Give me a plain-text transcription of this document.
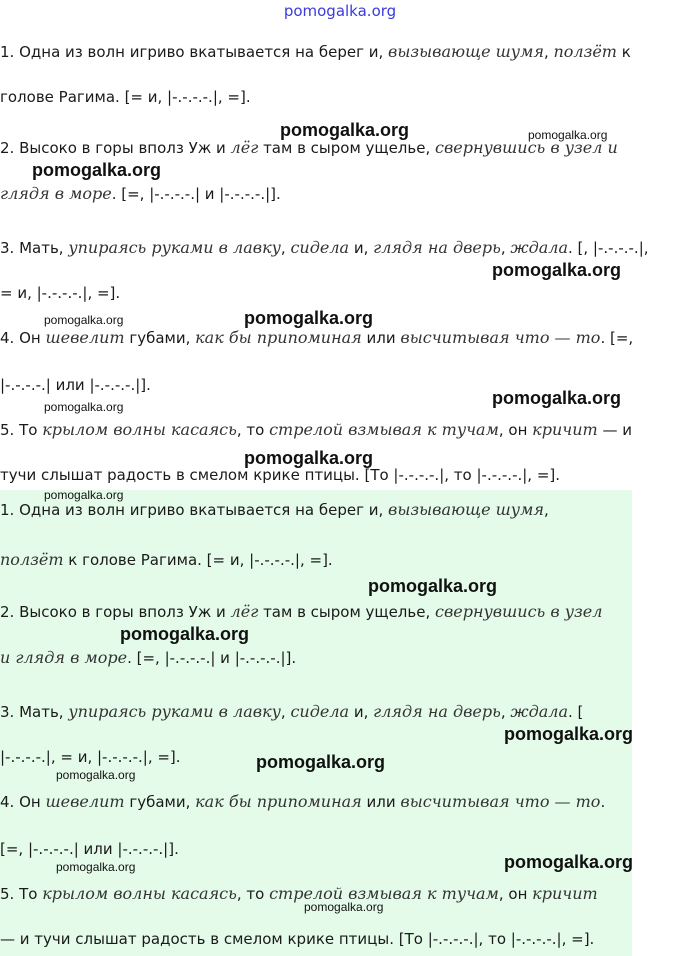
pomogalka.org
1. Одна из волн игриво вкатывается на берег и, вызывающе шумя, ползёт к
голове Рагима. [= и, |-.-.-.-.|, =].
2. Высоко в горы вполз Уж и лёг там в сыром ущелье, свернувшись в узел и
глядя в море. [=, |-.-.-.-.| и |-.-.-.-.|].
3. Мать, упираясь руками в лавку, сидела и, глядя на дверь, ждала. [, |-.-.-.-.|,
= и, |-.-.-.-.|, =].
4. Он шевелит губами, как бы припоминая или высчитывая что — то. [=,
|-.-.-.-.| или |-.-.-.-.|].
5. То крылом волны касаясь, то стрелой взмывая к тучам, он кричит — и
тучи слышат радость в смелом крике птицы. [То |-.-.-.-.|, то |-.-.-.-.|, =].
1. Одна из волн игриво вкатывается на берег и, вызывающе шумя,
ползёт к голове Рагима. [= и, |-.-.-.-.|, =].
2. Высоко в горы вполз Уж и лёг там в сыром ущелье, свернувшись в узел
и глядя в море. [=, |-.-.-.-.| и |-.-.-.-.|].
3. Мать, упираясь руками в лавку, сидела и, глядя на дверь, ждала. [
|-.-.-.-.|, = и, |-.-.-.-.|, =].
4. Он шевелит губами, как бы припоминая или высчитывая что — то.
[=, |-.-.-.-.| или |-.-.-.-.|].
5. То крылом волны касаясь, то стрелой взмывая к тучам, он кричит
— и тучи слышат радость в смелом крике птицы. [То |-.-.-.-.|, то |-.-.-.-.|, =].
pomogalka.org	pomogalka.org
pomogalka.org
pomogalka.org
pomogalka.org	pomogalka.org
pomogalka.org
pomogalka.org
pomogalka.org
pomogalka.org
pomogalka.org
pomogalka.org
pomogalka.org
pomogalka.org
pomogalka.org
pomogalka.org
pomogalka.org
pomogalka.org
